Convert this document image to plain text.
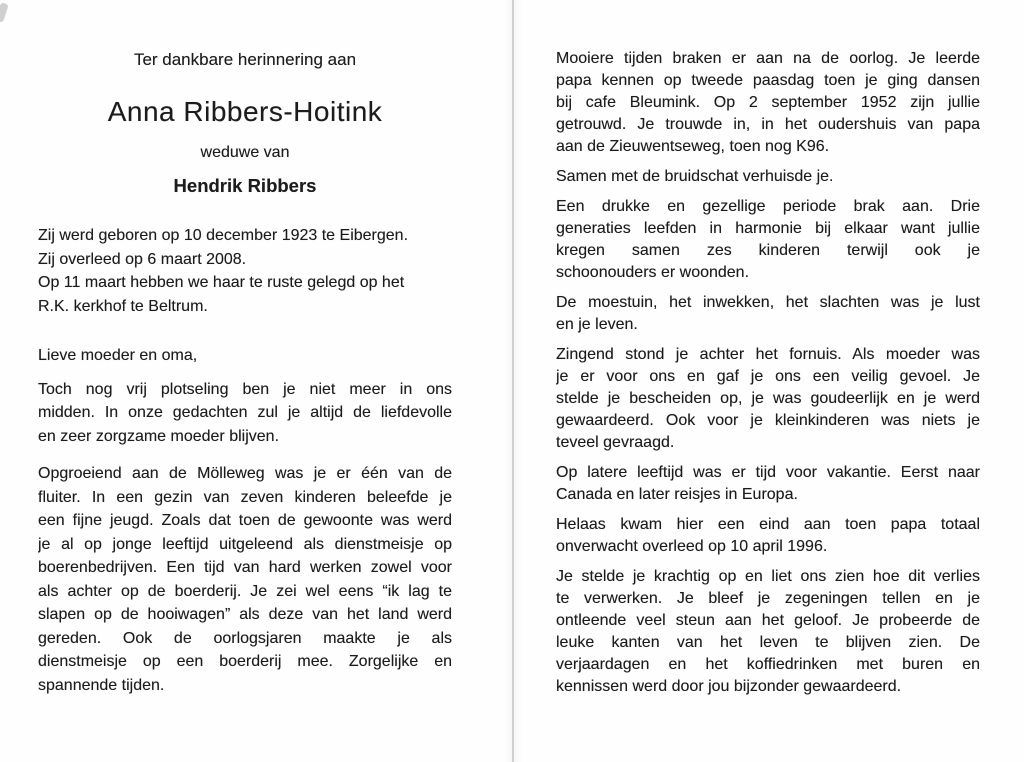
Ter dankbare herinnering aan
Anna Ribbers-Hoitink
weduwe van
Hendrik Ribbers
Zij werd geboren op 10 december 1923 te Eibergen.
Zij overleed op 6 maart 2008.
Op 11 maart hebben we haar te ruste gelegd op het
R.K. kerkhof te Beltrum.
Lieve moeder en oma,
Toch nog vrij plotseling ben je niet meer in ons
midden. In onze gedachten zul je altijd de liefdevolle
en zeer zorgzame moeder blijven.
Opgroeiend aan de Mölleweg was je er één van de
fluiter. In een gezin van zeven kinderen beleefde je
een fijne jeugd. Zoals dat toen de gewoonte was werd
je al op jonge leeftijd uitgeleend als dienstmeisje op
boerenbedrijven. Een tijd van hard werken zowel voor
als achter op de boerderij. Je zei wel eens “ik lag te
slapen op de hooiwagen” als deze van het land werd
gereden. Ook de oorlogsjaren maakte je als
dienstmeisje op een boerderij mee. Zorgelijke en
spannende tijden.
Mooiere tijden braken er aan na de oorlog. Je leerde
papa kennen op tweede paasdag toen je ging dansen
bij cafe Bleumink. Op 2 september 1952 zijn jullie
getrouwd. Je trouwde in, in het oudershuis van papa
aan de Zieuwentseweg, toen nog K96.
Samen met de bruidschat verhuisde je.
Een drukke en gezellige periode brak aan. Drie
generaties leefden in harmonie bij elkaar want jullie
kregen samen zes kinderen terwijl ook je
schoonouders er woonden.
De moestuin, het inwekken, het slachten was je lust
en je leven.
Zingend stond je achter het fornuis. Als moeder was
je er voor ons en gaf je ons een veilig gevoel. Je
stelde je bescheiden op, je was goudeerlijk en je werd
gewaardeerd. Ook voor je kleinkinderen was niets je
teveel gevraagd.
Op latere leeftijd was er tijd voor vakantie. Eerst naar
Canada en later reisjes in Europa.
Helaas kwam hier een eind aan toen papa totaal
onverwacht overleed op 10 april 1996.
Je stelde je krachtig op en liet ons zien hoe dit verlies
te verwerken. Je bleef je zegeningen tellen en je
ontleende veel steun aan het geloof. Je probeerde de
leuke kanten van het leven te blijven zien. De
verjaardagen en het koffiedrinken met buren en
kennissen werd door jou bijzonder gewaardeerd.
